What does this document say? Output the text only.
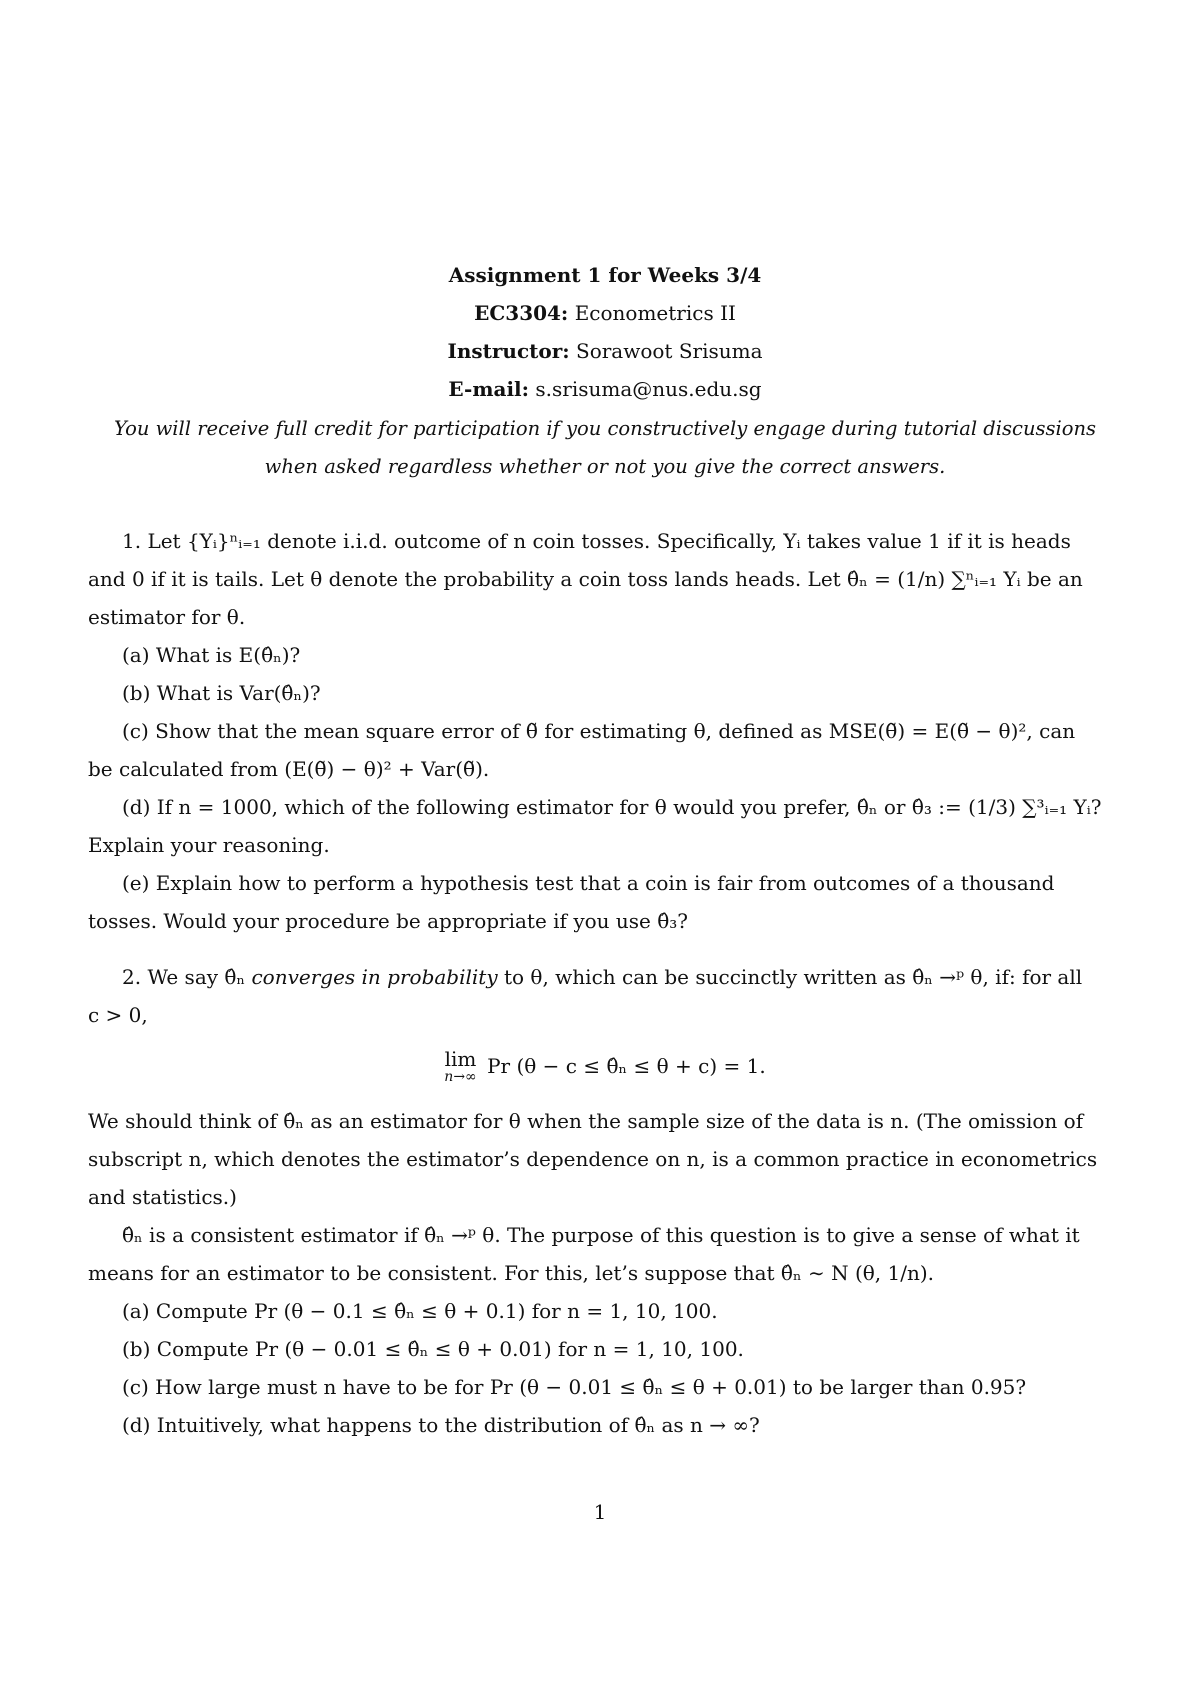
Assignment 1 for Weeks 3/4
EC3304: Econometrics II
Instructor: Sorawoot Srisuma
E-mail: s.srisuma@nus.edu.sg
You will receive full credit for participation if you constructively engage during tutorial discussions
when asked regardless whether or not you give the correct answers.

1. Let {Yᵢ}ⁿᵢ₌₁ denote i.i.d. outcome of n coin tosses. Specifically, Yᵢ takes value 1 if it is heads

and 0 if it is tails. Let θ denote the probability a coin toss lands heads. Let θ̂ₙ = (1/n) ∑ⁿᵢ₌₁ Yᵢ be an

estimator for θ.

(a) What is E(θ̂ₙ)?

(b) What is Var(θ̂ₙ)?

(c) Show that the mean square error of θ̃ for estimating θ, defined as MSE(θ̃) = E(θ̃ − θ)², can

be calculated from (E(θ̃) − θ)² + Var(θ̃).

(d) If n = 1000, which of the following estimator for θ would you prefer, θ̂ₙ or θ̂₃ := (1/3) ∑³ᵢ₌₁ Yᵢ?

Explain your reasoning.

(e) Explain how to perform a hypothesis test that a coin is fair from outcomes of a thousand

tosses. Would your procedure be appropriate if you use θ̂₃?

2. We say θ̂ₙ converges in probability to θ, which can be succinctly written as θ̂ₙ →ᵖ θ, if: for all

c > 0,

lim
n→∞ Pr (θ − c ≤ θ̂ₙ ≤ θ + c) = 1.

We should think of θ̂ₙ as an estimator for θ when the sample size of the data is n. (The omission of

subscript n, which denotes the estimator’s dependence on n, is a common practice in econometrics

and statistics.)

θ̂ₙ is a consistent estimator if θ̂ₙ →ᵖ θ. The purpose of this question is to give a sense of what it

means for an estimator to be consistent. For this, let’s suppose that θ̂ₙ ∼ N (θ, 1/n).

(a) Compute Pr (θ − 0.1 ≤ θ̂ₙ ≤ θ + 0.1) for n = 1, 10, 100.

(b) Compute Pr (θ − 0.01 ≤ θ̂ₙ ≤ θ + 0.01) for n = 1, 10, 100.

(c) How large must n have to be for Pr (θ − 0.01 ≤ θ̂ₙ ≤ θ + 0.01) to be larger than 0.95?

(d) Intuitively, what happens to the distribution of θ̂ₙ as n → ∞?

1
